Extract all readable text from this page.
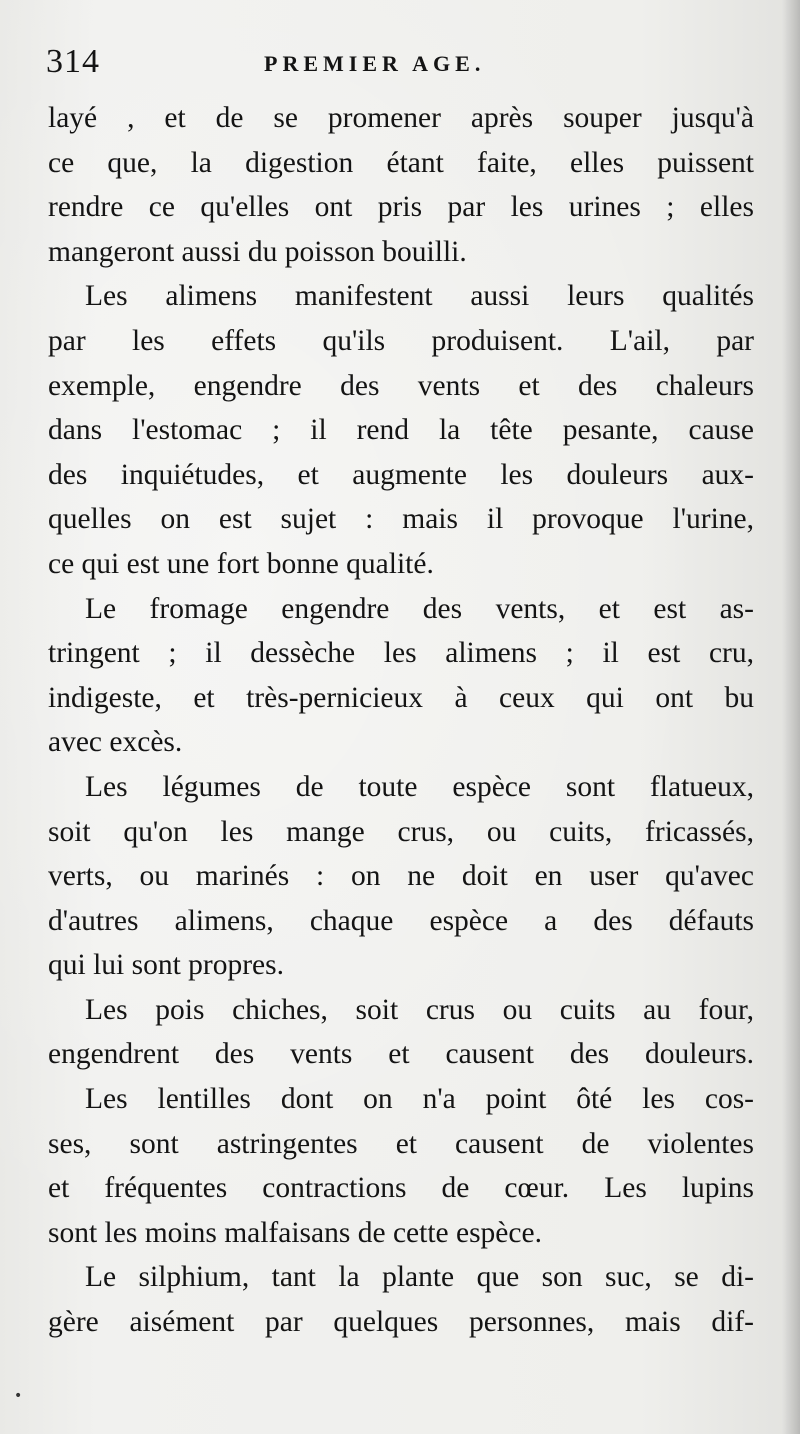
314	PREMIER AGE.
layé , et de se promener après souper jusqu'à
ce que, la digestion étant faite, elles puissent
rendre ce qu'elles ont pris par les urines ; elles
mangeront aussi du poisson bouilli.
Les alimens manifestent aussi leurs qualités
par les effets qu'ils produisent. L'ail, par
exemple, engendre des vents et des chaleurs
dans l'estomac ; il rend la tête pesante, cause
des inquiétudes, et augmente les douleurs aux-
quelles on est sujet : mais il provoque l'urine,
ce qui est une fort bonne qualité.
Le fromage engendre des vents, et est as-
tringent ; il dessèche les alimens ; il est cru,
indigeste, et très-pernicieux à ceux qui ont bu
avec excès.
Les légumes de toute espèce sont flatueux,
soit qu'on les mange crus, ou cuits, fricassés,
verts, ou marinés : on ne doit en user qu'avec
d'autres alimens, chaque espèce a des défauts
qui lui sont propres.
Les pois chiches, soit crus ou cuits au four,
engendrent des vents et causent des douleurs.
Les lentilles dont on n'a point ôté les cos-
ses, sont astringentes et causent de violentes
et fréquentes contractions de cœur. Les lupins
sont les moins malfaisans de cette espèce.
Le silphium, tant la plante que son suc, se di-
gère aisément par quelques personnes, mais dif-
•
